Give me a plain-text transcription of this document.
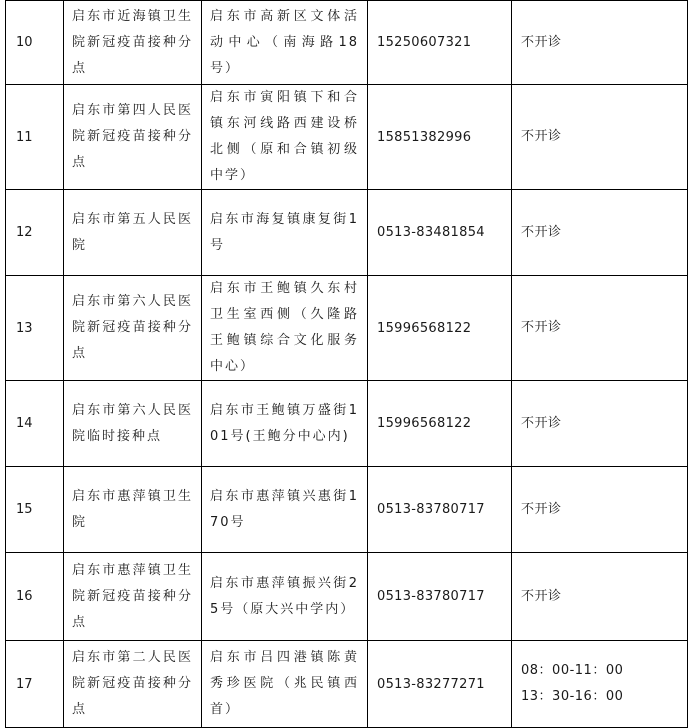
10	启东市近海镇卫生院新冠疫苗接种分点	启东市高新区文体活动中心（南海路18号）	15250607321	不开诊

11	启东市第四人民医院新冠疫苗接种分点	启东市寅阳镇下和合镇东河线路西建设桥北侧（原和合镇初级中学）	15851382996	不开诊

12	启东市第五人民医院	启东市海复镇康复街1号	0513-83481854	不开诊

13	启东市第六人民医院新冠疫苗接种分点	启东市王鲍镇久东村卫生室西侧（久隆路王鲍镇综合文化服务中心）	15996568122	不开诊

14	启东市第六人民医院临时接种点	启东市王鲍镇万盛街101号(王鲍分中心内)	15996568122	不开诊

15	启东市惠萍镇卫生院	启东市惠萍镇兴惠街170号	0513-83780717	不开诊

16	启东市惠萍镇卫生院新冠疫苗接种分点	启东市惠萍镇振兴街25号（原大兴中学内）	0513-83780717	不开诊

17	启东市第二人民医院新冠疫苗接种分点	启东市吕四港镇陈黄秀珍医院（兆民镇西首）	0513-83277271	08：00-11：00
13：30-16：00
